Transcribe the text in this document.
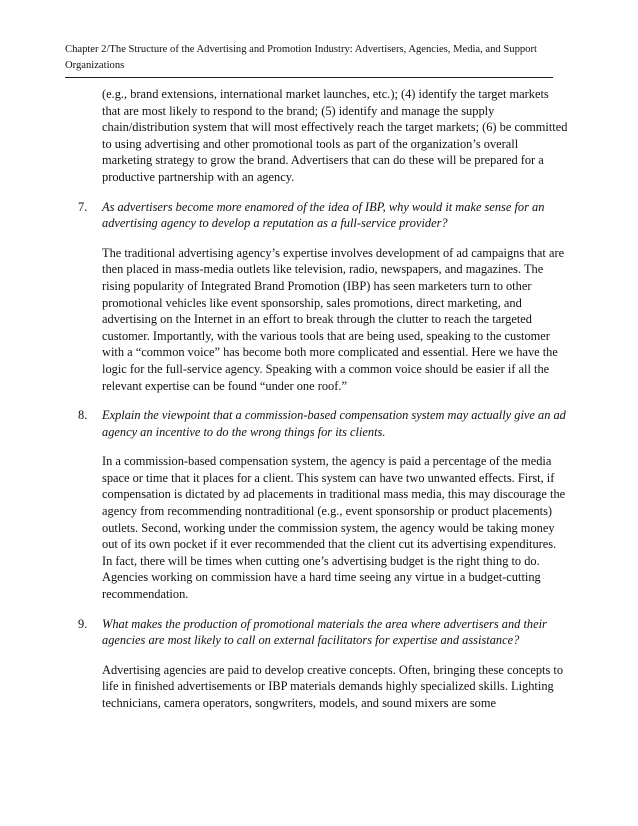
Chapter 2/The Structure of the Advertising and Promotion Industry: Advertisers, Agencies, Media, and Support Organizations

(e.g., brand extensions, international market launches, etc.); (4) identify the target markets that are most likely to respond to the brand; (5) identify and manage the supply chain/distribution system that will most effectively reach the target markets; (6) be committed to using advertising and other promotional tools as part of the organization’s overall marketing strategy to grow the brand. Advertisers that can do these will be prepared for a productive partnership with an agency.

7. As advertisers become more enamored of the idea of IBP, why would it make sense for an advertising agency to develop a reputation as a full-service provider?

The traditional advertising agency’s expertise involves development of ad campaigns that are then placed in mass-media outlets like television, radio, newspapers, and magazines. The rising popularity of Integrated Brand Promotion (IBP) has seen marketers turn to other promotional vehicles like event sponsorship, sales promotions, direct marketing, and advertising on the Internet in an effort to break through the clutter to reach the targeted customer. Importantly, with the various tools that are being used, speaking to the customer with a “common voice” has become both more complicated and essential. Here we have the logic for the full-service agency. Speaking with a common voice should be easier if all the relevant expertise can be found “under one roof.”

8. Explain the viewpoint that a commission-based compensation system may actually give an ad agency an incentive to do the wrong things for its clients.

In a commission-based compensation system, the agency is paid a percentage of the media space or time that it places for a client. This system can have two unwanted effects. First, if compensation is dictated by ad placements in traditional mass media, this may discourage the agency from recommending nontraditional (e.g., event sponsorship or product placements) outlets. Second, working under the commission system, the agency would be taking money out of its own pocket if it ever recommended that the client cut its advertising expenditures. In fact, there will be times when cutting one’s advertising budget is the right thing to do. Agencies working on commission have a hard time seeing any virtue in a budget-cutting recommendation.

9. What makes the production of promotional materials the area where advertisers and their agencies are most likely to call on external facilitators for expertise and assistance?

Advertising agencies are paid to develop creative concepts. Often, bringing these concepts to life in finished advertisements or IBP materials demands highly specialized skills. Lighting technicians, camera operators, songwriters, models, and sound mixers are some
